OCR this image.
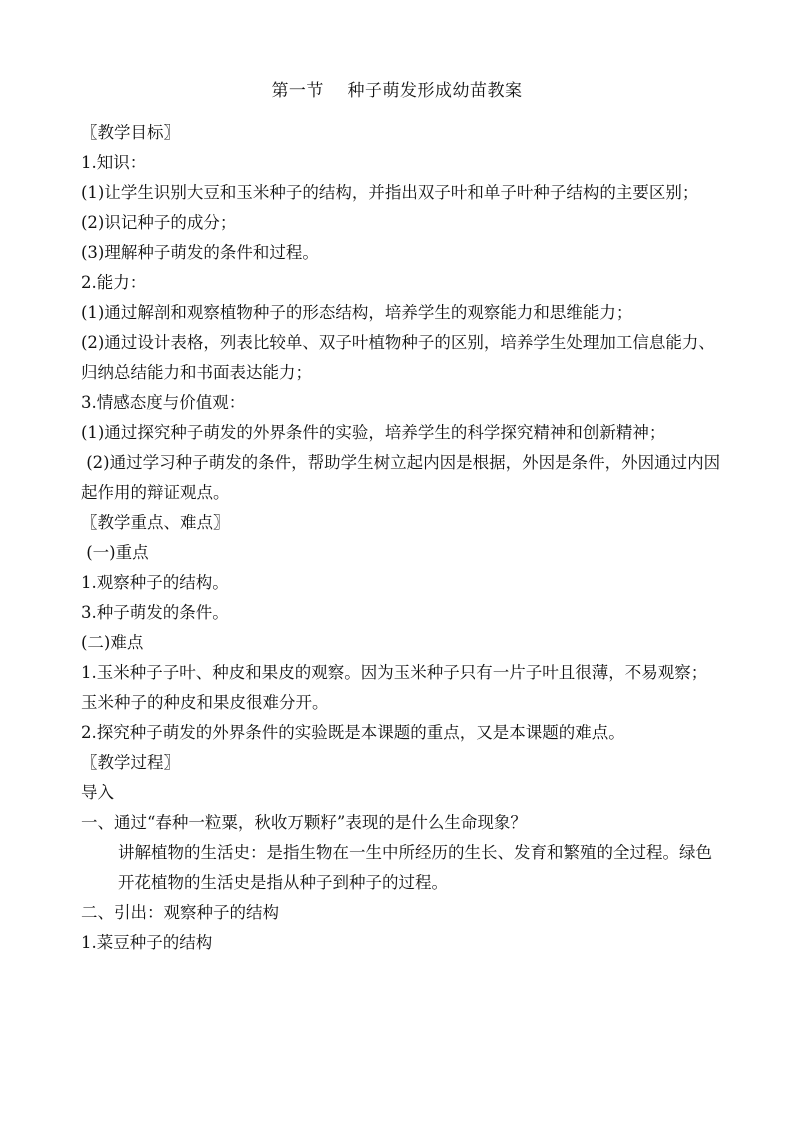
第一节    种子萌发形成幼苗教案

〖教学目标〗

1.知识：

(1)让学生识别大豆和玉米种子的结构，并指出双子叶和单子叶种子结构的主要区别；

(2)识记种子的成分；

(3)理解种子萌发的条件和过程。

2.能力：

(1)通过解剖和观察植物种子的形态结构，培养学生的观察能力和思维能力；

(2)通过设计表格，列表比较单、双子叶植物种子的区别，培养学生处理加工信息能力、归纳总结能力和书面表达能力；

3.情感态度与价值观：

(1)通过探究种子萌发的外界条件的实验，培养学生的科学探究精神和创新精神；

(2)通过学习种子萌发的条件，帮助学生树立起内因是根据，外因是条件，外因通过内因起作用的辩证观点。

〖教学重点、难点〗

(一)重点

1.观察种子的结构。

3.种子萌发的条件。

(二)难点

1.玉米种子子叶、种皮和果皮的观察。因为玉米种子只有一片子叶且很薄，不易观察；玉米种子的种皮和果皮很难分开。

2.探究种子萌发的外界条件的实验既是本课题的重点，又是本课题的难点。

〖教学过程〗

导入

一、通过“春种一粒粟，秋收万颗籽”表现的是什么生命现象？

讲解植物的生活史：是指生物在一生中所经历的生长、发育和繁殖的全过程。绿色开花植物的生活史是指从种子到种子的过程。

二、引出：观察种子的结构

1.菜豆种子的结构
